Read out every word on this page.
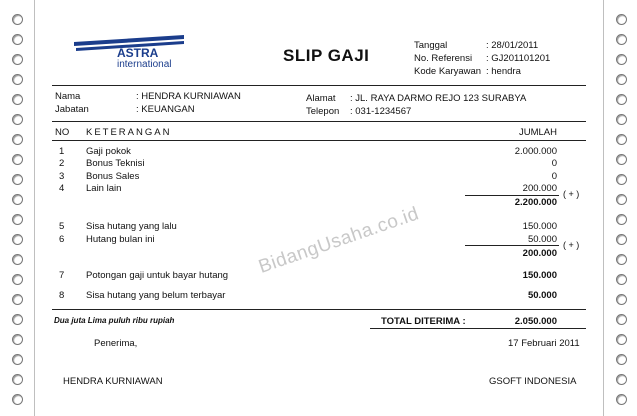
ASTRA
international	SLIP GAJI
Tanggal	: 28/01/2011
No. Referensi : GJ201101201
Kode Karyawan : hendra
Nama	: HENDRA KURNIAWAN
Jabatan	: KEUANGAN
Alamat : JL. RAYA DARMO REJO 123 SURABYA
Telepon : 031-1234567
NO KETERANGAN	JUMLAH
1 Gaji pokok	2.000.000
2 Bonus Teknisi	0
3 Bonus Sales	0
4 Lain lain	200.000 ( + )
2.200.000
5 Sisa hutang yang lalu	150.000
6 Hutang bulan ini	50.000 ( + )
200.000
7 Potongan gaji untuk bayar hutang	150.000
8 Sisa hutang yang belum terbayar	50.000
Dua juta Lima puluh ribu rupiah	TOTAL DITERIMA :	2.050.000
Penerima,	17 Februari 2011
HENDRA KURNIAWAN	GSOFT INDONESIA
BidangUsaha.co.id
